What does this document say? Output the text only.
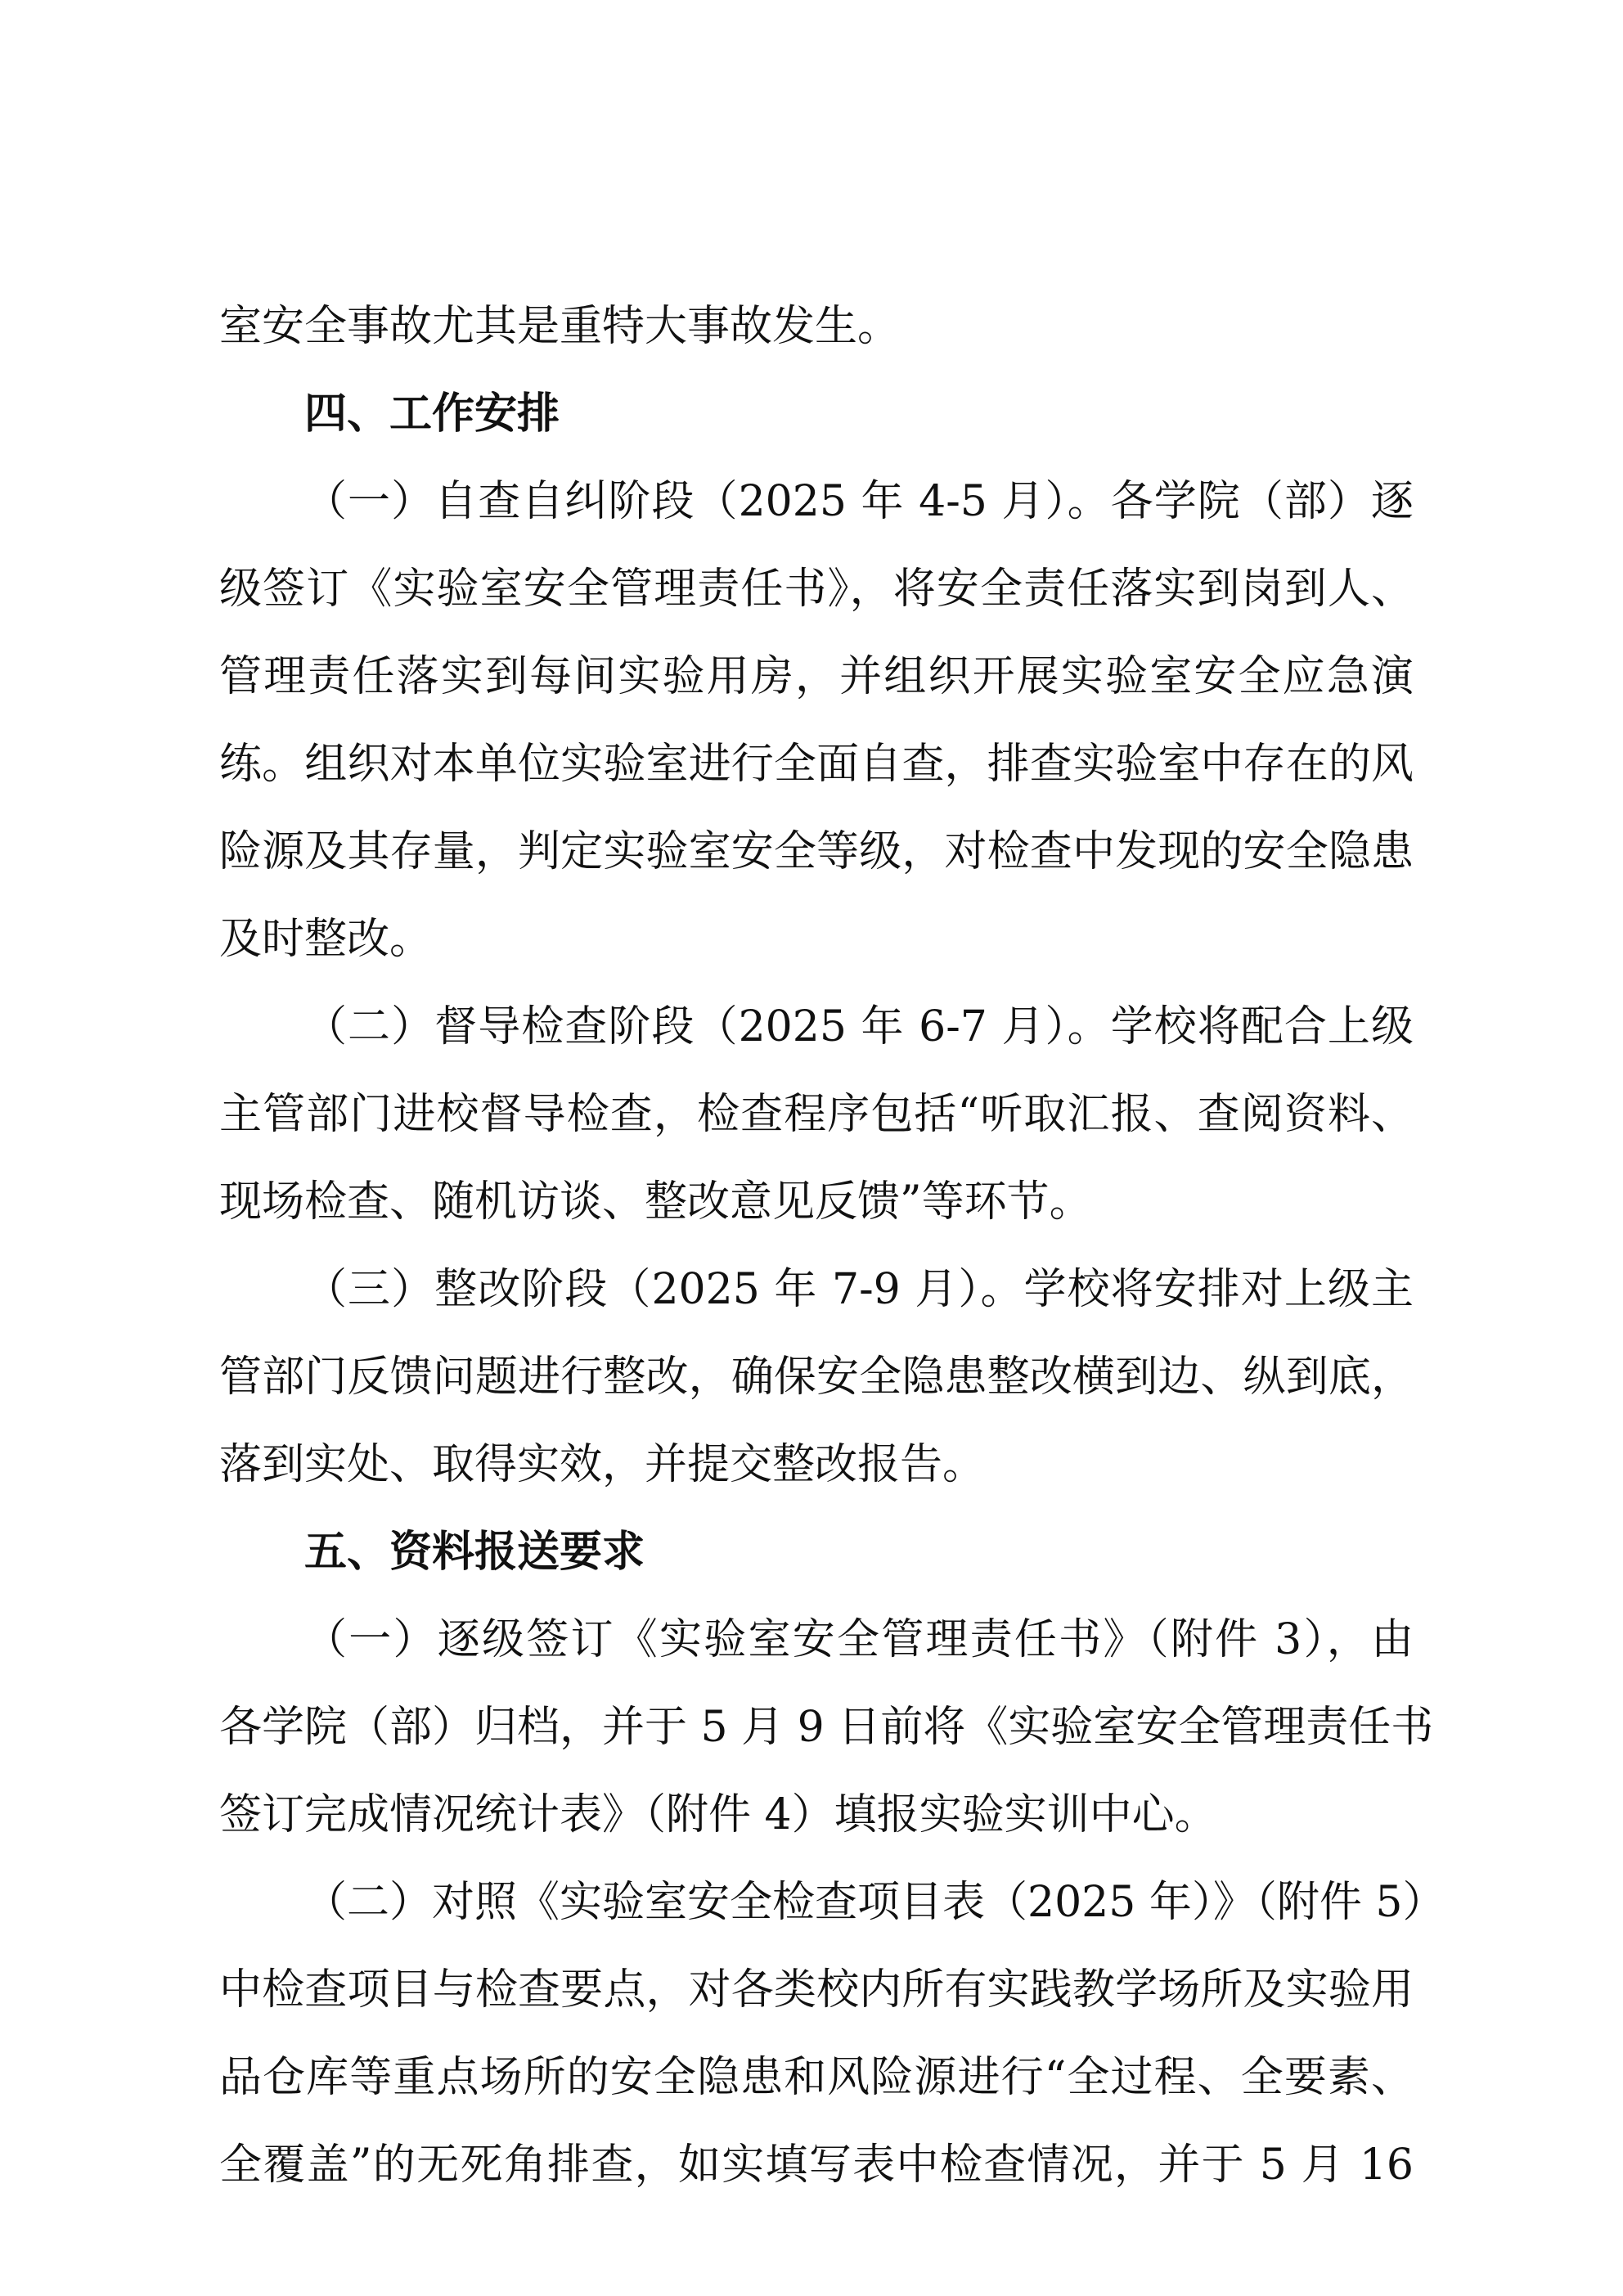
室安全事故尤其是重特大事故发生。
四、工作安排
（一）自查自纠阶段（2025 年 4-5 月）。各学院（部）逐
级签订《实验室安全管理责任书》，将安全责任落实到岗到人、
管理责任落实到每间实验用房，并组织开展实验室安全应急演
练。组织对本单位实验室进行全面自查，排查实验室中存在的风
险源及其存量，判定实验室安全等级，对检查中发现的安全隐患
及时整改。
（二）督导检查阶段（2025 年 6-7 月）。学校将配合上级
主管部门进校督导检查，检查程序包括“听取汇报、查阅资料、
现场检查、随机访谈、整改意见反馈”等环节。
（三）整改阶段（2025 年 7-9 月）。学校将安排对上级主
管部门反馈问题进行整改，确保安全隐患整改横到边、纵到底，
落到实处、取得实效，并提交整改报告。
五、资料报送要求
（一）逐级签订《实验室安全管理责任书》（附件 3），由
各学院（部）归档，并于 5 月 9 日前将《实验室安全管理责任书
签订完成情况统计表》（附件 4）填报实验实训中心。
（二）对照《实验室安全检查项目表（2025 年）》（附件 5）
中检查项目与检查要点，对各类校内所有实践教学场所及实验用
品仓库等重点场所的安全隐患和风险源进行“全过程、全要素、
全覆盖”的无死角排查，如实填写表中检查情况，并于 5 月 16
